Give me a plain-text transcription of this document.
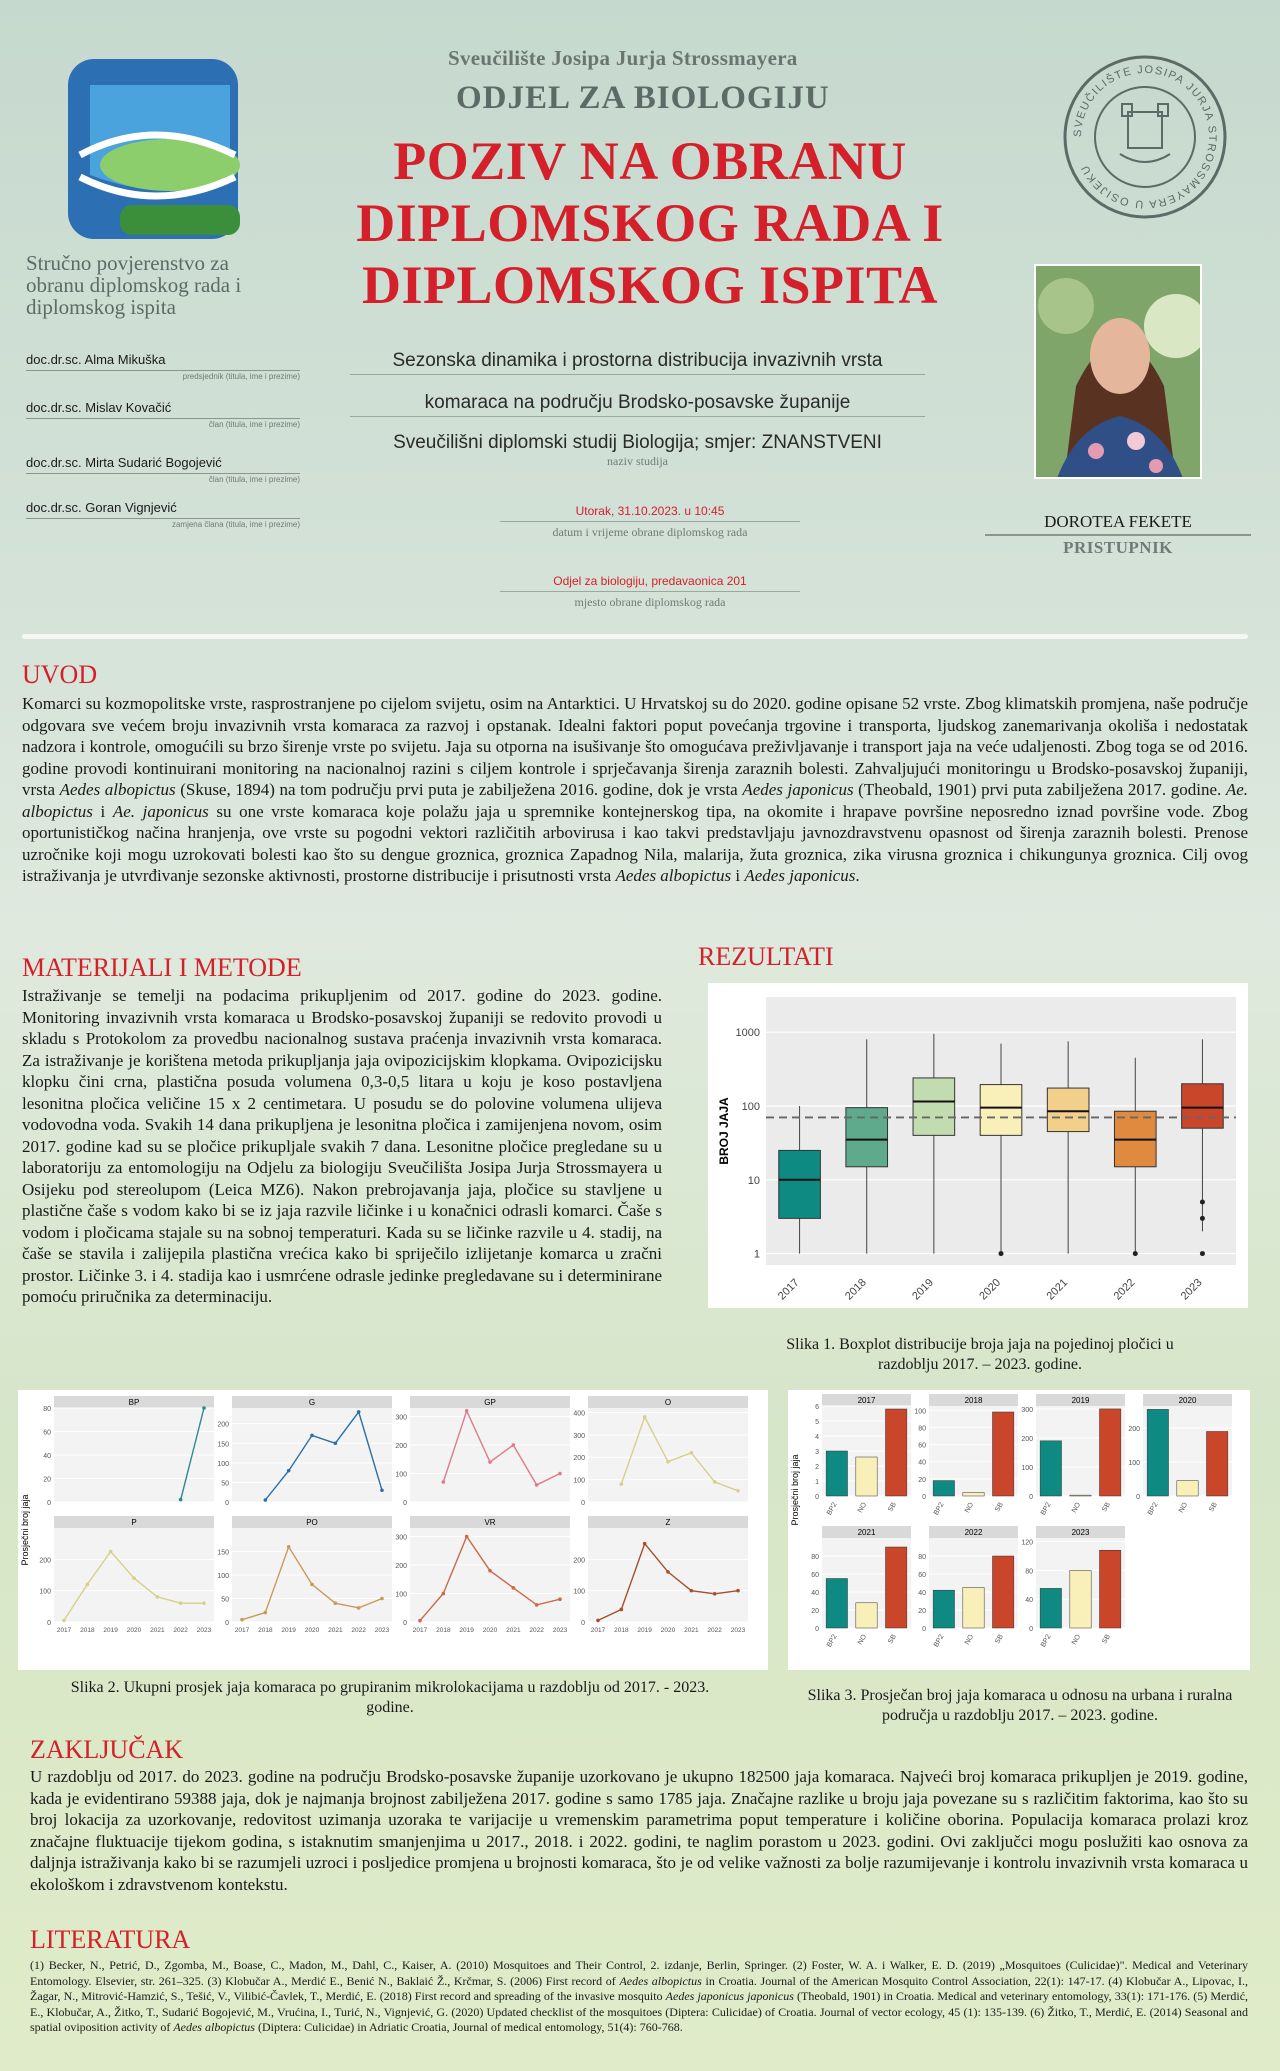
Stručno povjerenstvo za obranu diplomskog rada i diplomskog ispita
Sveučilište Josipa Jurja Strossmayera
ODJEL ZA BIOLOGIJU
POZIV NA OBRANU
DIPLOMSKOG RADA I
DIPLOMSKOG ISPITA
SVEUČILIŠTE JOSIPA JURJA STROSSMAYERA U OSIJEKU
doc.dr.sc. Alma Mikuška
predsjednik (titula, ime i prezime)
doc.dr.sc. Mislav Kovačić
član (titula, ime i prezime)
doc.dr.sc. Mirta Sudarić Bogojević
član (titula, ime i prezime)
doc.dr.sc. Goran Vignjević
zamjena člana (titula, ime i prezime)
Sezonska dinamika i prostorna distribucija invazivnih vrsta
komaraca na području Brodsko-posavske županije
Sveučilišni diplomski studij Biologija; smjer: ZNANSTVENI
naziv studija
Utorak, 31.10.2023. u 10:45
datum i vrijeme obrane diplomskog rada
Odjel za biologiju, predavaonica 201
mjesto obrane diplomskog rada
DOROTEA FEKETE
PRISTUPNIK
UVOD
Komarci su kozmopolitske vrste, rasprostranjene po cijelom svijetu, osim na Antarktici. U Hrvatskoj su do 2020. godine opisane 52 vrste. Zbog klimatskih promjena, naše područje odgovara sve većem broju invazivnih vrsta komaraca za razvoj i opstanak. Idealni faktori poput povećanja trgovine i transporta, ljudskog zanemarivanja okoliša i nedostatak nadzora i kontrole, omogućili su brzo širenje vrste po svijetu. Jaja su otporna na isušivanje što omogućava preživljavanje i transport jaja na veće udaljenosti. Zbog toga se od 2016. godine provodi kontinuirani monitoring na nacionalnoj razini s ciljem kontrole i sprječavanja širenja zaraznih bolesti. Zahvaljujući monitoringu u Brodsko-posavskoj županiji, vrsta Aedes albopictus (Skuse, 1894) na tom području prvi puta je zabilježena 2016. godine, dok je vrsta Aedes japonicus (Theobald, 1901) prvi puta zabilježena 2017. godine. Ae. albopictus i Ae. japonicus su one vrste komaraca koje polažu jaja u spremnike kontejnerskog tipa, na okomite i hrapave površine neposredno iznad površine vode. Zbog oportunističkog načina hranjenja, ove vrste su pogodni vektori različitih arbovirusa i kao takvi predstavljaju javnozdravstvenu opasnost od širenja zaraznih bolesti. Prenose uzročnike koji mogu uzrokovati bolesti kao što su dengue groznica, groznica Zapadnog Nila, malarija, žuta groznica, zika virusna groznica i chikungunya groznica. Cilj ovog istraživanja je utvrđivanje sezonske aktivnosti, prostorne distribucije i prisutnosti vrsta Aedes albopictus i Aedes japonicus.
MATERIJALI I METODE
Istraživanje se temelji na podacima prikupljenim od 2017. godine do 2023. godine. Monitoring invazivnih vrsta komaraca u Brodsko-posavskoj županiji se redovito provodi u skladu s Protokolom za provedbu nacionalnog sustava praćenja invazivnih vrsta komaraca. Za istraživanje je korištena metoda prikupljanja jaja ovipozicijskim klopkama. Ovipozicijsku klopku čini crna, plastična posuda volumena 0,3-0,5 litara u koju je koso postavljena lesonitna pločica veličine 15 x 2 centimetara. U posudu se do polovine volumena ulijeva vodovodna voda. Svakih 14 dana prikupljena je lesonitna pločica i zamijenjena novom, osim 2017. godine kad su se pločice prikupljale svakih 7 dana. Lesonitne pločice pregledane su u laboratoriju za entomologiju na Odjelu za biologiju Sveučilišta Josipa Jurja Strossmayera u Osijeku pod stereolupom (Leica MZ6). Nakon prebrojavanja jaja, pločice su stavljene u plastične čaše s vodom kako bi se iz jaja razvile ličinke i u konačnici odrasli komarci. Čaše s vodom i pločicama stajale su na sobnoj temperaturi. Kada su se ličinke razvile u 4. stadij, na čaše se stavila i zalijepila plastična vrećica kako bi spriječilo izlijetanje komarca u zračni prostor. Ličinke 3. i 4. stadija kao i usmrćene odrasle jedinke pregledavane su i determinirane pomoću priručnika za determinaciju.
REZULTATI
1
10
100
1000
BROJ JAJA
2017	2018	2019	2020	2021	2022	2023
Slika 1. Boxplot distribucije broja jaja na pojedinoj pločici u razdoblju 2017. – 2023. godine.
Prosječni broj jaja
BP
0
20
40
60
80
G
0
50
100
150
200
GP
0
100
200
300
O
0
100
200
300
400
P
0
100
200
2017 2018 2019 2020 2021 2022 2023
PO
0
50
100
150
2017 2018 2019 2020 2021 2022 2023
VR
0
100
200
300
2017 2018 2019 2020 2021 2022 2023
Z
0
100
200
2017 2018 2019 2020 2021 2022 2023
Slika 2. Ukupni prosjek jaja komaraca po grupiranim mikrolokacijama u razdoblju od 2017. - 2023. godine.
Prosječni broj jaja
2017
0
1
2
3
4
5
6
BP2	NO	SB
2018
0
20
40
60
80
100
BP2	NO	SB
2019
0
100
200
300
BP2	NO	SB
2020
0
100
200
BP2	NO	SB
2021
0
20
40
60
80
BP2	NO	SB
2022
0
20
40
60
80
BP2	NO	SB
2023
0
40
80
120
BP2	NO	SB
Slika 3. Prosječan broj jaja komaraca u odnosu na urbana i ruralna područja u razdoblju 2017. – 2023. godine.
ZAKLJUČAK
U razdoblju od 2017. do 2023. godine na području Brodsko-posavske županije uzorkovano je ukupno 182500 jaja komaraca. Najveći broj komaraca prikupljen je 2019. godine, kada je evidentirano 59388 jaja, dok je najmanja brojnost zabilježena 2017. godine s samo 1785 jaja. Značajne razlike u broju jaja povezane su s različitim faktorima, kao što su broj lokacija za uzorkovanje, redovitost uzimanja uzoraka te varijacije u vremenskim parametrima poput temperature i količine oborina. Populacija komaraca prolazi kroz značajne fluktuacije tijekom godina, s istaknutim smanjenjima u 2017., 2018. i 2022. godini, te naglim porastom u 2023. godini. Ovi zaključci mogu poslužiti kao osnova za daljnja istraživanja kako bi se razumjeli uzroci i posljedice promjena u brojnosti komaraca, što je od velike važnosti za bolje razumijevanje i kontrolu invazivnih vrsta komaraca u ekološkom i zdravstvenom kontekstu.
LITERATURA
(1) Becker, N., Petrić, D., Zgomba, M., Boase, C., Madon, M., Dahl, C., Kaiser, A. (2010) Mosquitoes and Their Control, 2. izdanje, Berlin, Springer. (2) Foster, W. A. i Walker, E. D. (2019) „Mosquitoes (Culicidae)". Medical and Veterinary Entomology. Elsevier, str. 261–325. (3) Klobučar A., Merdić E., Benić N., Baklaić Ž., Krčmar, S. (2006) First record of Aedes albopictus in Croatia. Journal of the American Mosquito Control Association, 22(1): 147-17. (4) Klobučar A., Lipovac, I., Žagar, N., Mitrović-Hamzić, S., Tešić, V., Vilibić-Čavlek, T., Merdić, E. (2018) First record and spreading of the invasive mosquito Aedes japonicus japonicus (Theobald, 1901) in Croatia. Medical and veterinary entomology, 33(1): 171-176. (5) Merdić, E., Klobučar, A., Žitko, T., Sudarić Bogojević, M., Vrućina, I., Turić, N., Vignjević, G. (2020) Updated checklist of the mosquitoes (Diptera: Culicidae) of Croatia. Journal of vector ecology, 45 (1): 135-139. (6) Žitko, T., Merdić, E. (2014) Seasonal and spatial oviposition activity of Aedes albopictus (Diptera: Culicidae) in Adriatic Croatia, Journal of medical entomology, 51(4): 760-768.
